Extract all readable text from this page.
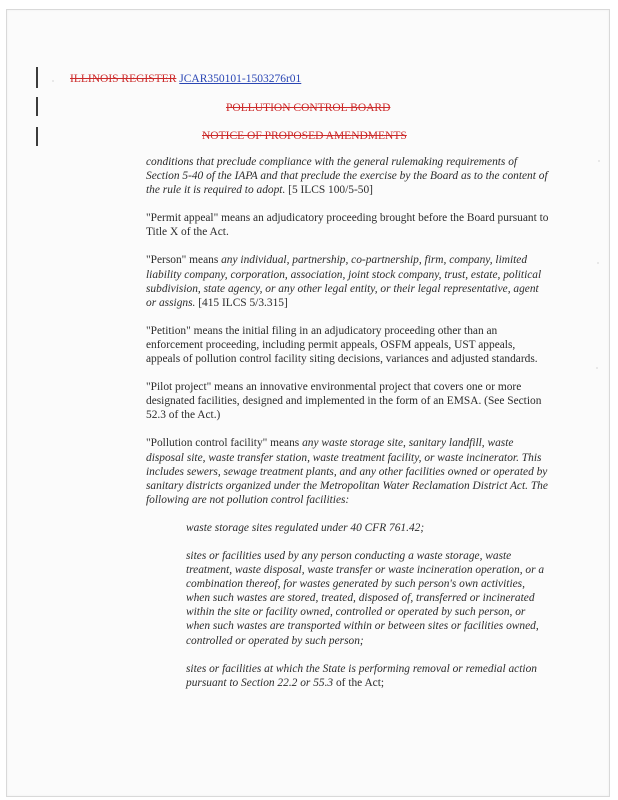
ILLINOIS REGISTER JCAR350101-1503276r01
POLLUTION CONTROL BOARD
NOTICE OF PROPOSED AMENDMENTS

conditions that preclude compliance with the general rulemaking requirements of Section 5-40 of the IAPA and that preclude the exercise by the Board as to the content of the rule it is required to adopt. [5 ILCS 100/5-50]

"Permit appeal" means an adjudicatory proceeding brought before the Board pursuant to Title X of the Act.

"Person" means any individual, partnership, co-partnership, firm, company, limited liability company, corporation, association, joint stock company, trust, estate, political subdivision, state agency, or any other legal entity, or their legal representative, agent or assigns. [415 ILCS 5/3.315]

"Petition" means the initial filing in an adjudicatory proceeding other than an enforcement proceeding, including permit appeals, OSFM appeals, UST appeals, appeals of pollution control facility siting decisions, variances and adjusted standards.

"Pilot project" means an innovative environmental project that covers one or more designated facilities, designed and implemented in the form of an EMSA. (See Section 52.3 of the Act.)

"Pollution control facility" means any waste storage site, sanitary landfill, waste disposal site, waste transfer station, waste treatment facility, or waste incinerator. This includes sewers, sewage treatment plants, and any other facilities owned or operated by sanitary districts organized under the Metropolitan Water Reclamation District Act. The following are not pollution control facilities:

waste storage sites regulated under 40 CFR 761.42;

sites or facilities used by any person conducting a waste storage, waste treatment, waste disposal, waste transfer or waste incineration operation, or a combination thereof, for wastes generated by such person's own activities, when such wastes are stored, treated, disposed of, transferred or incinerated within the site or facility owned, controlled or operated by such person, or when such wastes are transported within or between sites or facilities owned, controlled or operated by such person;

sites or facilities at which the State is performing removal or remedial action pursuant to Section 22.2 or 55.3 of the Act;
